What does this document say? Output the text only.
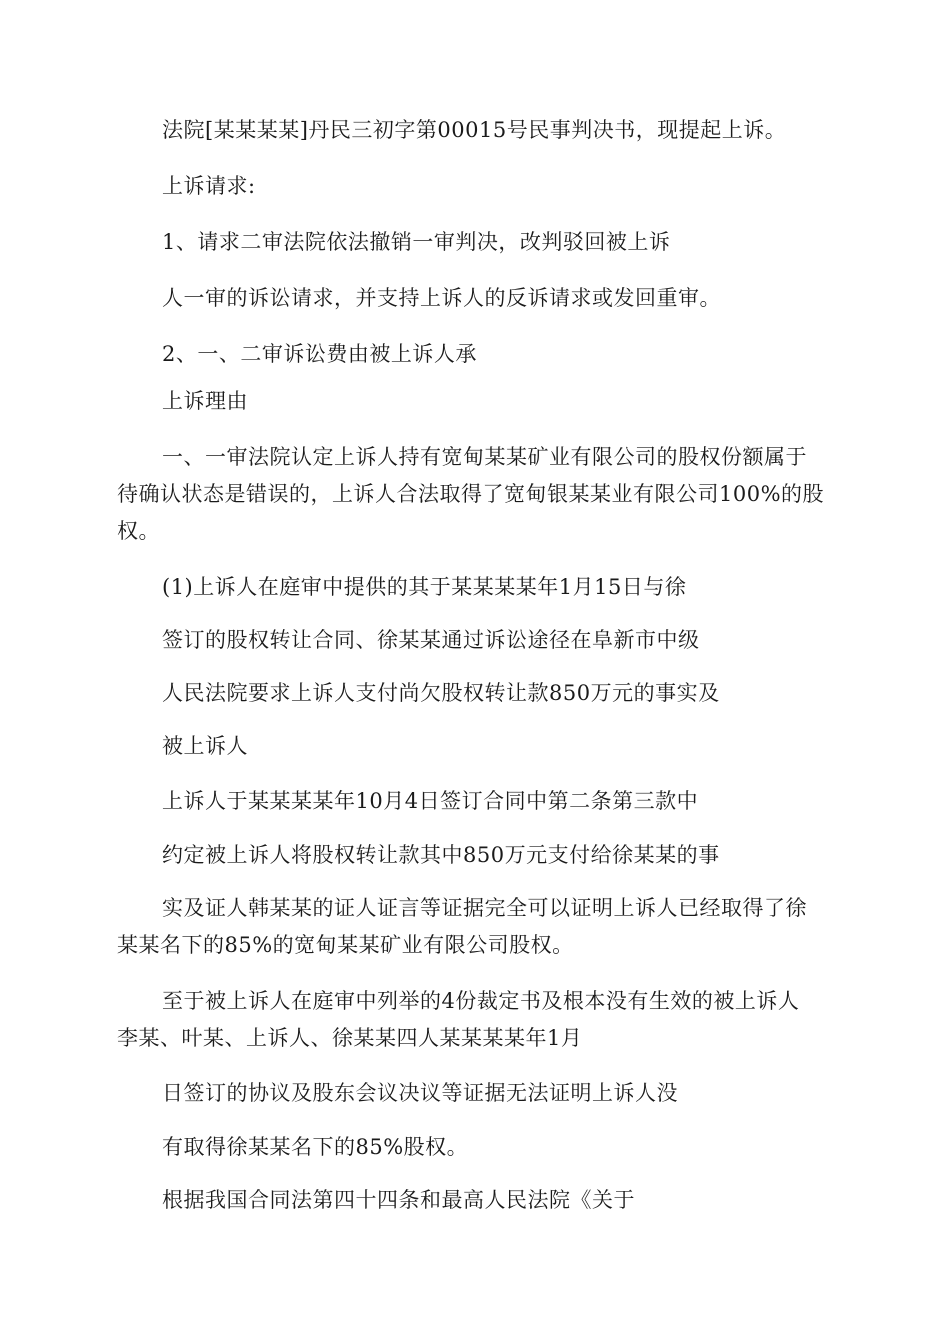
法院[某某某某]丹民三初字第00015号民事判决书，现提起上诉。
上诉请求:
1、请求二审法院依法撤销一审判决，改判驳回被上诉
人一审的诉讼请求，并支持上诉人的反诉请求或发回重审。
2、一、二审诉讼费由被上诉人承
上诉理由
一、一审法院认定上诉人持有宽甸某某矿业有限公司的股权份额属于
待确认状态是错误的，上诉人合法取得了宽甸银某某业有限公司100%的股
权。
(1)上诉人在庭审中提供的其于某某某某年1月15日与徐
签订的股权转让合同、徐某某通过诉讼途径在阜新市中级
人民法院要求上诉人支付尚欠股权转让款850万元的事实及
被上诉人
上诉人于某某某某年10月4日签订合同中第二条第三款中
约定被上诉人将股权转让款其中850万元支付给徐某某的事
实及证人韩某某的证人证言等证据完全可以证明上诉人已经取得了徐
某某名下的85%的宽甸某某矿业有限公司股权。
至于被上诉人在庭审中列举的4份裁定书及根本没有生效的被上诉人
李某、叶某、上诉人、徐某某四人某某某某年1月
日签订的协议及股东会议决议等证据无法证明上诉人没
有取得徐某某名下的85%股权。
根据我国合同法第四十四条和最高人民法院《关于
